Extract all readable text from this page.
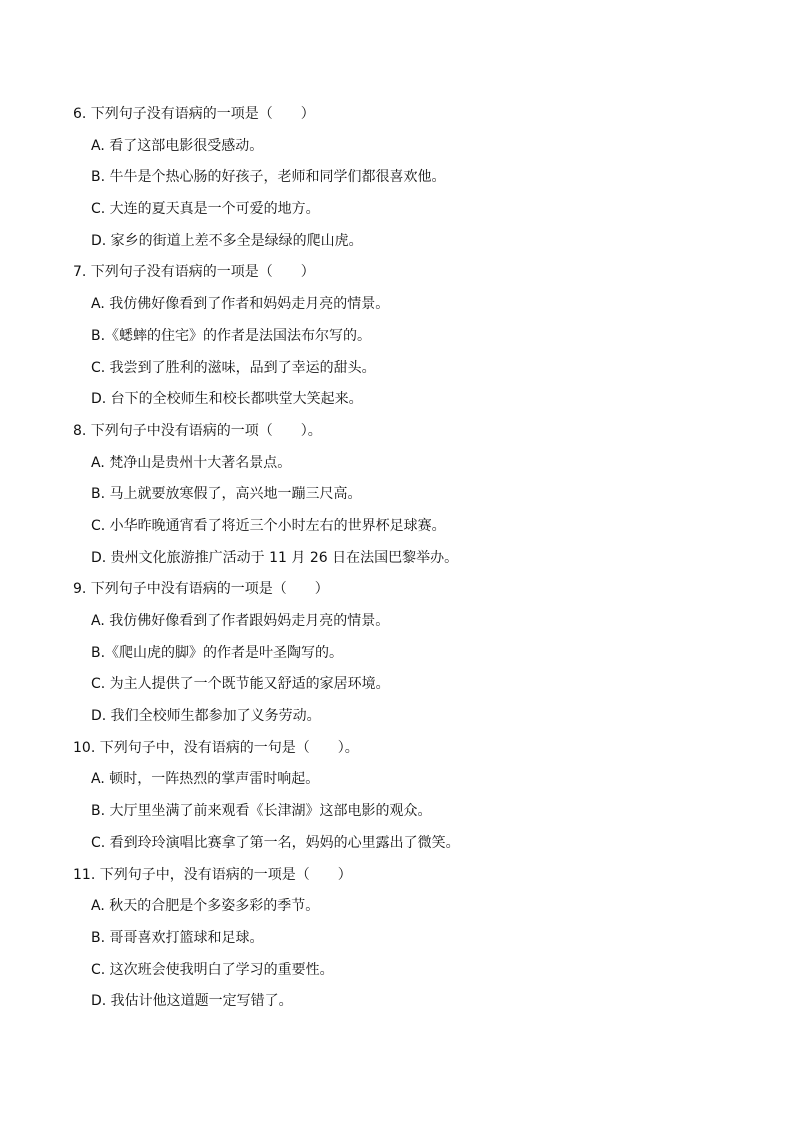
6. 下列句子没有语病的一项是（　　）
A. 看了这部电影很受感动。
B. 牛牛是个热心肠的好孩子，老师和同学们都很喜欢他。
C. 大连的夏天真是一个可爱的地方。
D. 家乡的街道上差不多全是绿绿的爬山虎。
7. 下列句子没有语病的一项是（　　）
A. 我仿佛好像看到了作者和妈妈走月亮的情景。
B.《蟋蟀的住宅》的作者是法国法布尔写的。
C. 我尝到了胜利的滋味，品到了幸运的甜头。
D. 台下的全校师生和校长都哄堂大笑起来。
8. 下列句子中没有语病的一项（　　）。
A. 梵净山是贵州十大著名景点。
B. 马上就要放寒假了，高兴地一蹦三尺高。
C. 小华昨晚通宵看了将近三个小时左右的世界杯足球赛。
D. 贵州文化旅游推广活动于 11 月 26 日在法国巴黎举办。
9. 下列句子中没有语病的一项是（　　）
A. 我仿佛好像看到了作者跟妈妈走月亮的情景。
B.《爬山虎的脚》的作者是叶圣陶写的。
C. 为主人提供了一个既节能又舒适的家居环境。
D. 我们全校师生都参加了义务劳动。
10. 下列句子中，没有语病的一句是（　　）。
A. 顿时，一阵热烈的掌声雷时响起。
B. 大厅里坐满了前来观看《长津湖》这部电影的观众。
C. 看到玲玲演唱比赛拿了第一名，妈妈的心里露出了微笑。
11. 下列句子中，没有语病的一项是（　　）
A. 秋天的合肥是个多姿多彩的季节。
B. 哥哥喜欢打篮球和足球。
C. 这次班会使我明白了学习的重要性。
D. 我估计他这道题一定写错了。
